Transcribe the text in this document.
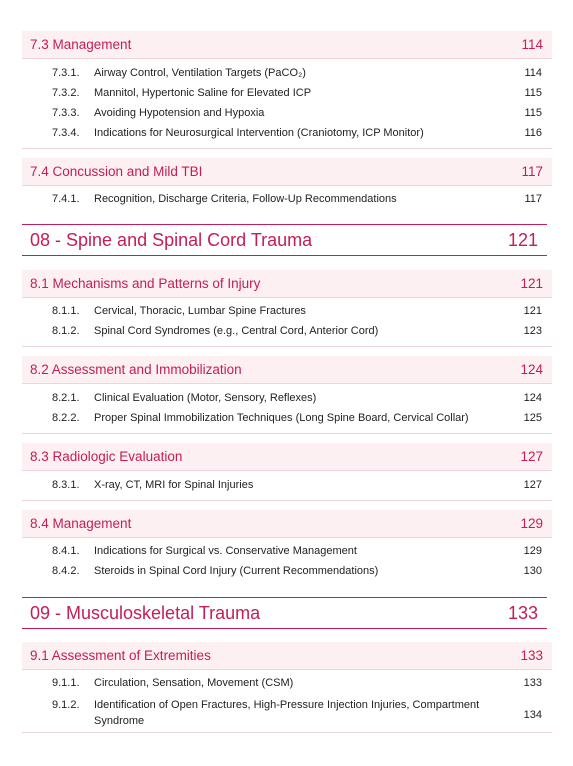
7.3 Management	114
7.3.1.	Airway Control, Ventilation Targets (PaCO₂)	114
7.3.2.	Mannitol, Hypertonic Saline for Elevated ICP	115
7.3.3.	Avoiding Hypotension and Hypoxia	115
7.3.4.	Indications for Neurosurgical Intervention (Craniotomy, ICP Monitor)	116
7.4 Concussion and Mild TBI	117
7.4.1.	Recognition, Discharge Criteria, Follow-Up Recommendations	117
08 - Spine and Spinal Cord Trauma	121
8.1 Mechanisms and Patterns of Injury	121
8.1.1.	Cervical, Thoracic, Lumbar Spine Fractures	121
8.1.2.	Spinal Cord Syndromes (e.g., Central Cord, Anterior Cord)	123
8.2 Assessment and Immobilization	124
8.2.1.	Clinical Evaluation (Motor, Sensory, Reflexes)	124
8.2.2.	Proper Spinal Immobilization Techniques (Long Spine Board, Cervical Collar)	125
8.3 Radiologic Evaluation	127
8.3.1.	X-ray, CT, MRI for Spinal Injuries	127
8.4 Management	129
8.4.1.	Indications for Surgical vs. Conservative Management	129
8.4.2.	Steroids in Spinal Cord Injury (Current Recommendations)	130
09 - Musculoskeletal Trauma	133
9.1 Assessment of Extremities	133
9.1.1.	Circulation, Sensation, Movement (CSM)	133
9.1.2.	Identification of Open Fractures, High-Pressure Injection Injuries, Compartment Syndrome	134
